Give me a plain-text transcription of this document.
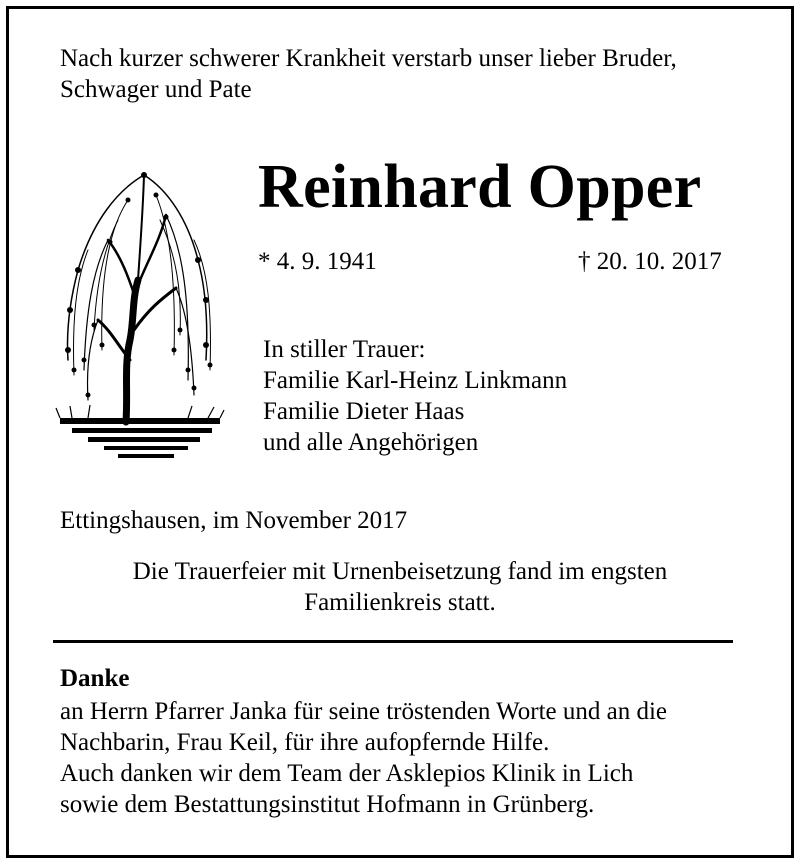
Nach kurzer schwerer Krankheit verstarb unser lieber Bruder,
Schwager und Pate
Reinhard Opper
* 4. 9. 1941	† 20. 10. 2017
In stiller Trauer:
Familie Karl-Heinz Linkmann
Familie Dieter Haas
und alle Angehörigen
Ettingshausen, im November 2017
Die Trauerfeier mit Urnenbeisetzung fand im engsten
Familienkreis statt.
Danke
an Herrn Pfarrer Janka für seine tröstenden Worte und an die
Nachbarin, Frau Keil, für ihre aufopfernde Hilfe.
Auch danken wir dem Team der Asklepios Klinik in Lich
sowie dem Bestattungsinstitut Hofmann in Grünberg.
